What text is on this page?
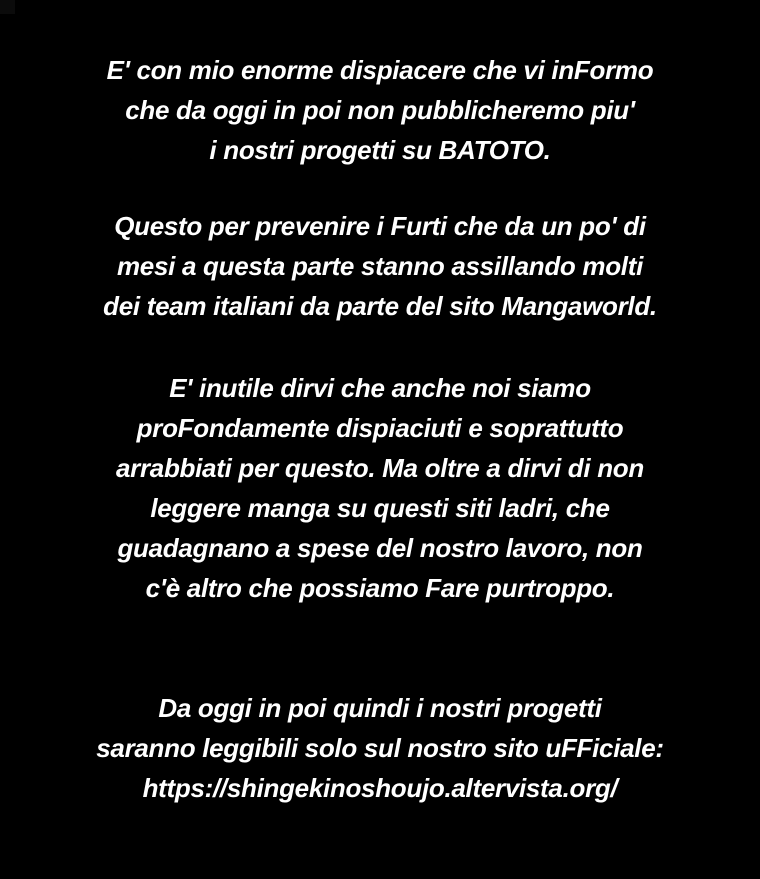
E' con mio enorme dispiacere che vi inFormo
che da oggi in poi non pubblicheremo piu'
i nostri progetti su BATOTO.
Questo per prevenire i Furti che da un po' di
mesi a questa parte stanno assillando molti
dei team italiani da parte del sito Mangaworld.
E' inutile dirvi che anche noi siamo
proFondamente dispiaciuti e soprattutto
arrabbiati per questo. Ma oltre a dirvi di non
leggere manga su questi siti ladri, che
guadagnano a spese del nostro lavoro, non
c'è altro che possiamo Fare purtroppo.
Da oggi in poi quindi i nostri progetti
saranno leggibili solo sul nostro sito uFFiciale:
https://shingekinoshoujo.altervista.org/
